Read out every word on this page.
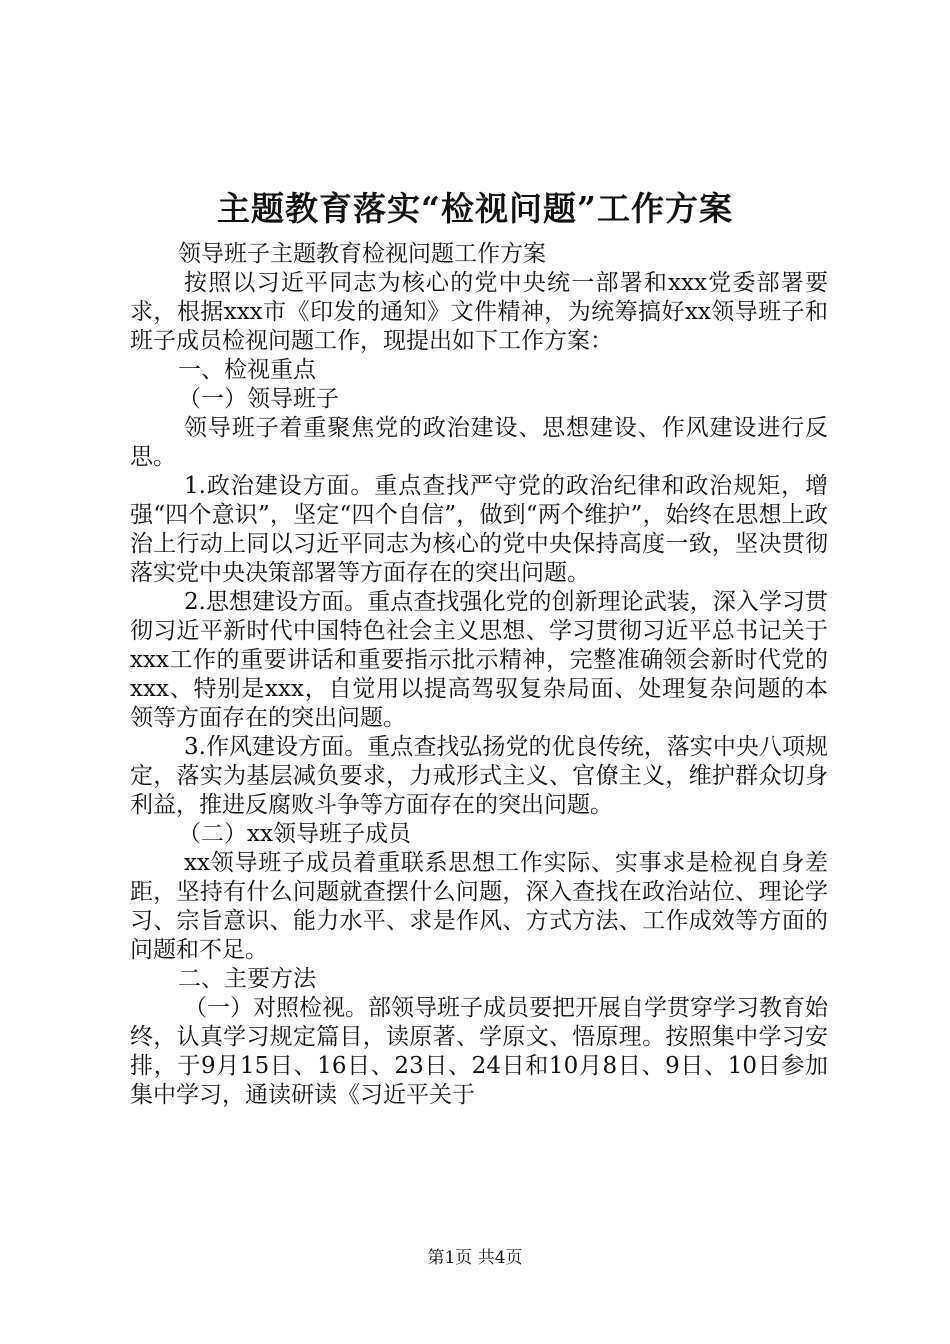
主题教育落实“检视问题”工作方案

领导班子主题教育检视问题工作方案

按照以习近平同志为核心的党中央统一部署和xxx党委部署要求，根据xxx市《印发的通知》文件精神，为统筹搞好xx领导班子和班子成员检视问题工作，现提出如下工作方案：

一、检视重点

（一）领导班子

领导班子着重聚焦党的政治建设、思想建设、作风建设进行反思。

1.政治建设方面。重点查找严守党的政治纪律和政治规矩，增强“四个意识”，坚定“四个自信”，做到“两个维护”，始终在思想上政治上行动上同以习近平同志为核心的党中央保持高度一致，坚决贯彻落实党中央决策部署等方面存在的突出问题。

2.思想建设方面。重点查找强化党的创新理论武装，深入学习贯彻习近平新时代中国特色社会主义思想、学习贯彻习近平总书记关于xxx工作的重要讲话和重要指示批示精神，完整准确领会新时代党的xxx、特别是xxx，自觉用以提高驾驭复杂局面、处理复杂问题的本领等方面存在的突出问题。

3.作风建设方面。重点查找弘扬党的优良传统，落实中央八项规定，落实为基层减负要求，力戒形式主义、官僚主义，维护群众切身利益，推进反腐败斗争等方面存在的突出问题。

（二）xx领导班子成员

xx领导班子成员着重联系思想工作实际、实事求是检视自身差距，坚持有什么问题就查摆什么问题，深入查找在政治站位、理论学习、宗旨意识、能力水平、求是作风、方式方法、工作成效等方面的问题和不足。

二、主要方法

（一）对照检视。部领导班子成员要把开展自学贯穿学习教育始终，认真学习规定篇目，读原著、学原文、悟原理。按照集中学习安排，于9月15日、16日、23日、24日和10月8日、9日、10日参加集中学习，通读研读《习近平关于

第1页 共4页
